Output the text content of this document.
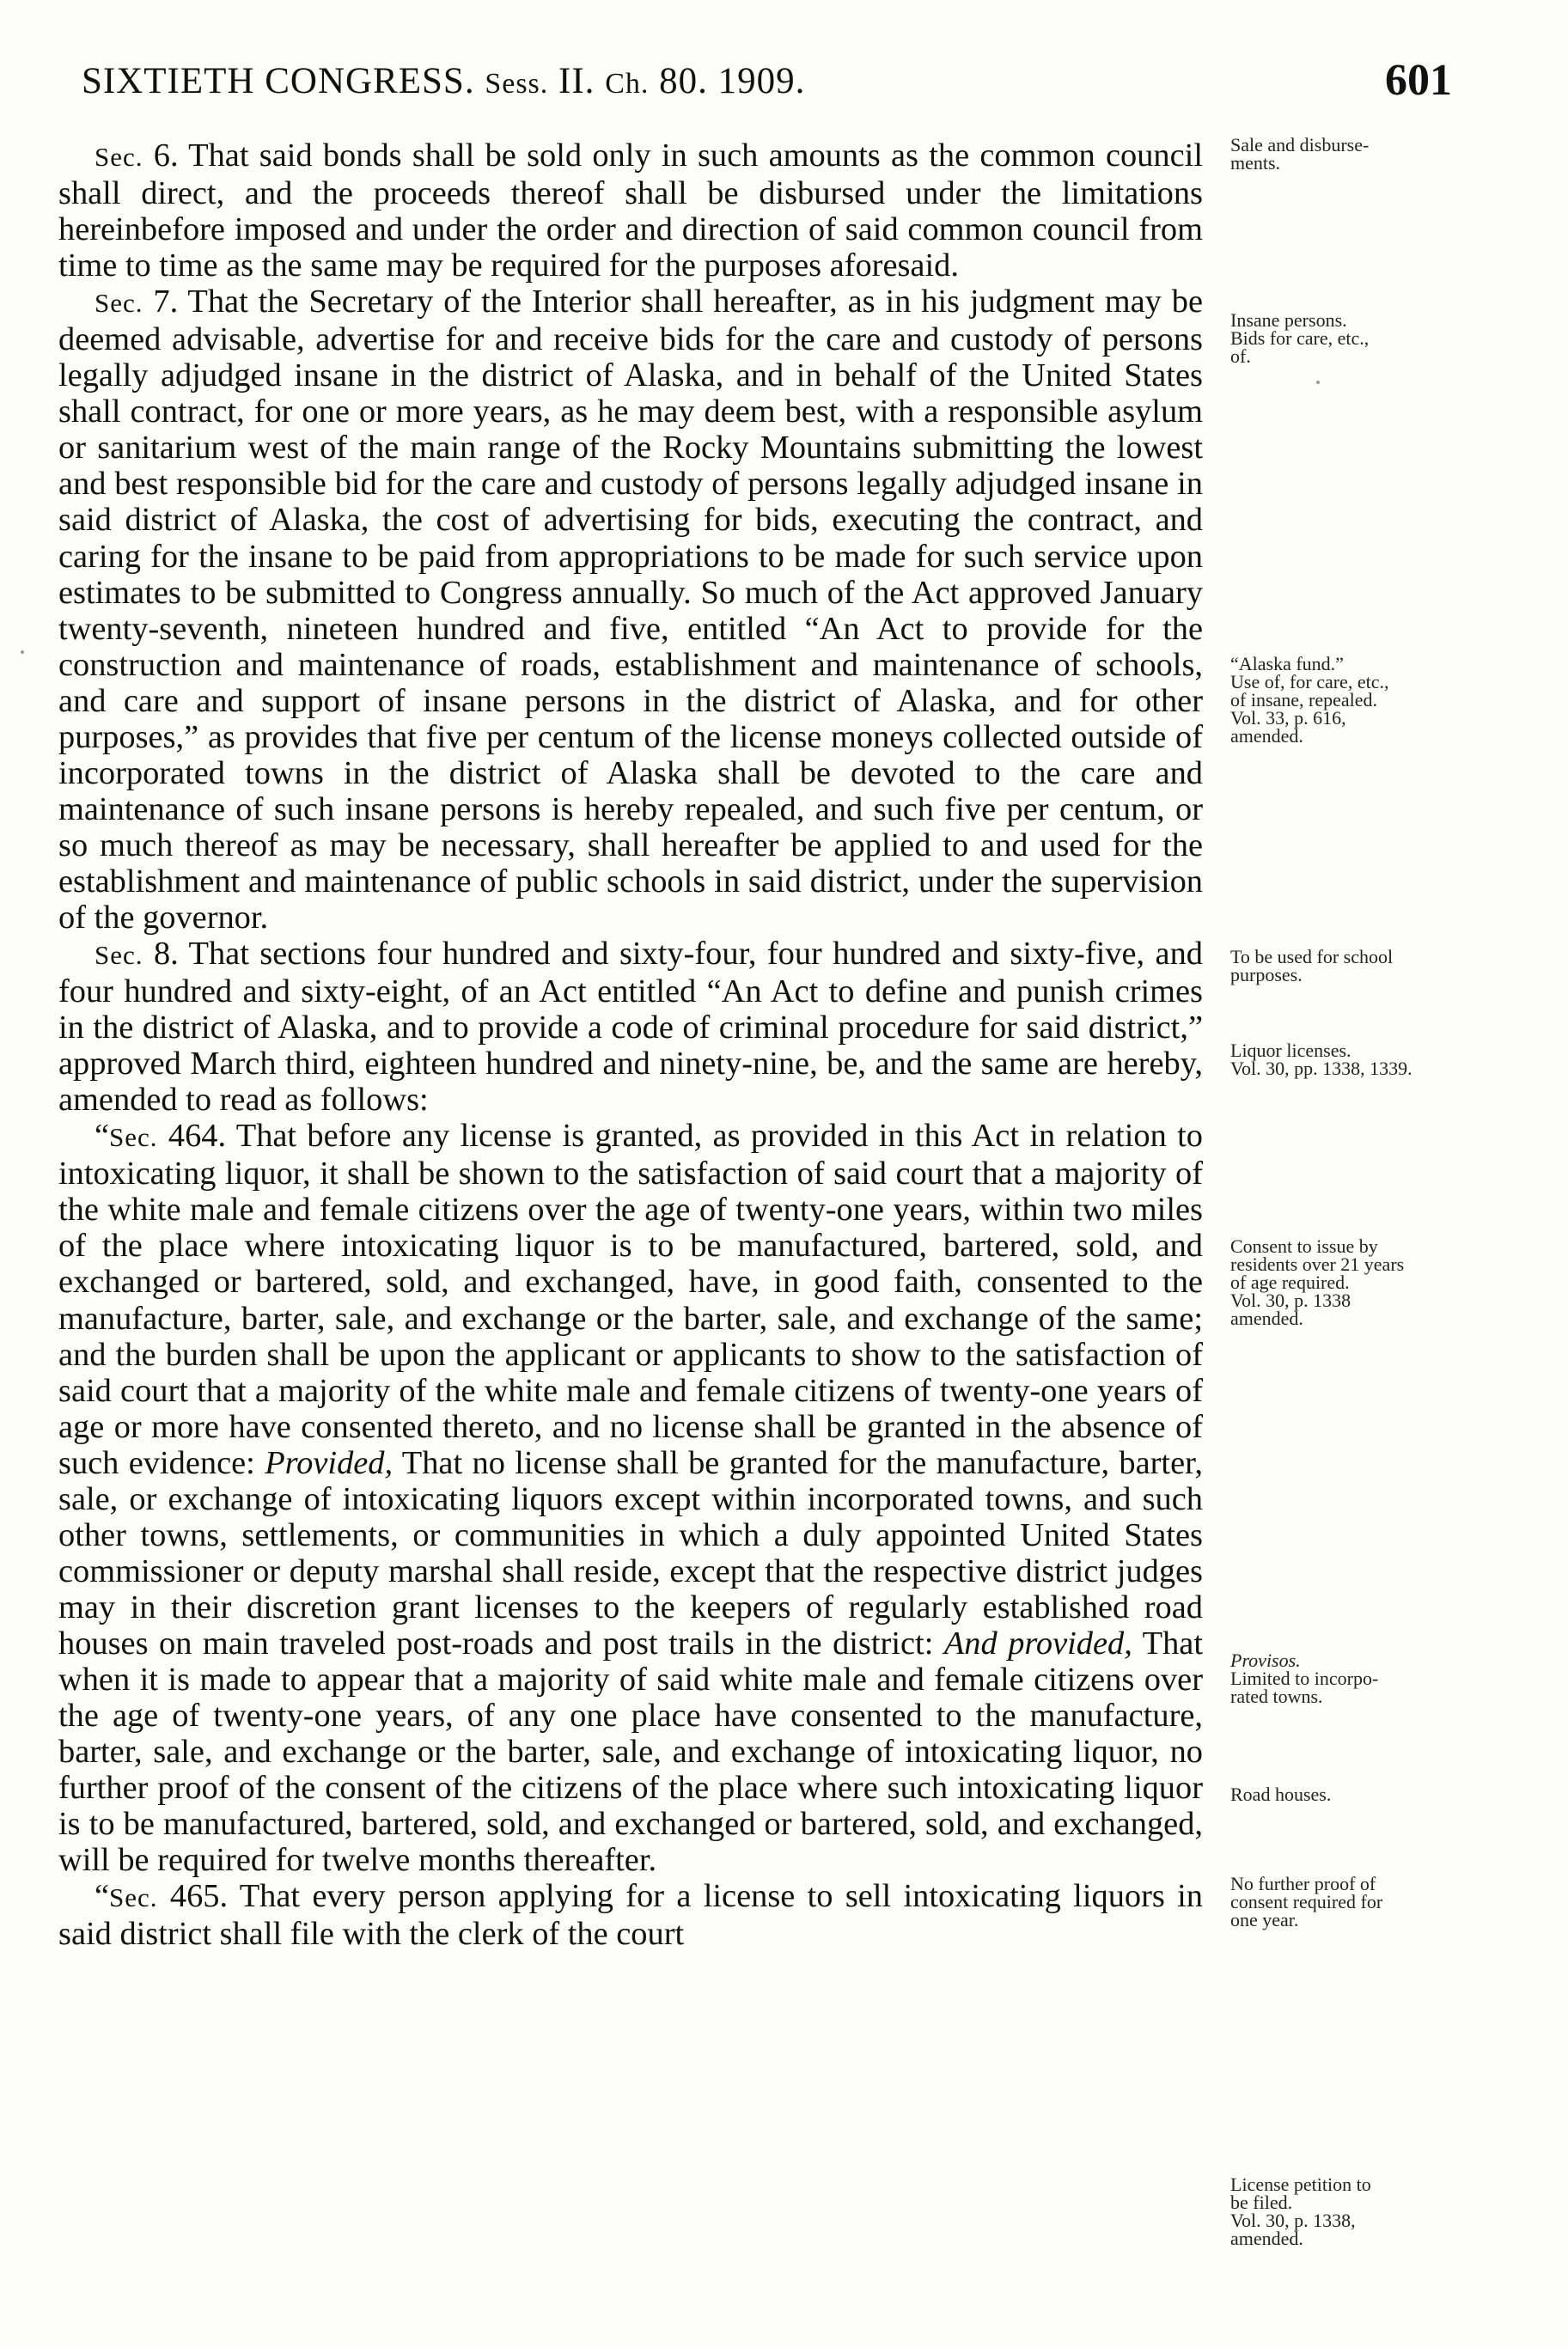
SIXTIETH CONGRESS. Sess. II. Ch. 80. 1909.	601

Sec. 6. That said bonds shall be sold only in such amounts as the common council shall direct, and the proceeds thereof shall be disbursed under the limitations hereinbefore imposed and under the order and direction of said common council from time to time as the same may be required for the purposes aforesaid.

Sec. 7. That the Secretary of the Interior shall hereafter, as in his judgment may be deemed advisable, advertise for and receive bids for the care and custody of persons legally adjudged insane in the district of Alaska, and in behalf of the United States shall contract, for one or more years, as he may deem best, with a responsible asylum or sanitarium west of the main range of the Rocky Mountains submitting the lowest and best responsible bid for the care and custody of persons legally adjudged insane in said district of Alaska, the cost of advertising for bids, executing the contract, and caring for the insane to be paid from appropriations to be made for such service upon estimates to be submitted to Congress annually. So much of the Act approved January twenty-seventh, nineteen hundred and five, entitled “An Act to provide for the construction and maintenance of roads, establishment and maintenance of schools, and care and support of insane persons in the district of Alaska, and for other purposes,” as provides that five per centum of the license moneys collected outside of incorporated towns in the district of Alaska shall be devoted to the care and maintenance of such insane persons is hereby repealed, and such five per centum, or so much thereof as may be necessary, shall hereafter be applied to and used for the establishment and maintenance of public schools in said district, under the supervision of the governor.

Sec. 8. That sections four hundred and sixty-four, four hundred and sixty-five, and four hundred and sixty-eight, of an Act entitled “An Act to define and punish crimes in the district of Alaska, and to provide a code of criminal procedure for said district,” approved March third, eighteen hundred and ninety-nine, be, and the same are hereby, amended to read as follows:

“Sec. 464. That before any license is granted, as provided in this Act in relation to intoxicating liquor, it shall be shown to the satisfaction of said court that a majority of the white male and female citizens over the age of twenty-one years, within two miles of the place where intoxicating liquor is to be manufactured, bartered, sold, and exchanged or bartered, sold, and exchanged, have, in good faith, consented to the manufacture, barter, sale, and exchange or the barter, sale, and exchange of the same; and the burden shall be upon the applicant or applicants to show to the satisfaction of said court that a majority of the white male and female citizens of twenty-one years of age or more have consented thereto, and no license shall be granted in the absence of such evidence: Provided, That no license shall be granted for the manufacture, barter, sale, or exchange of intoxicating liquors except within incorporated towns, and such other towns, settlements, or communities in which a duly appointed United States commissioner or deputy marshal shall reside, except that the respective district judges may in their discretion grant licenses to the keepers of regularly established road houses on main traveled post-roads and post trails in the district: And provided, That when it is made to appear that a majority of said white male and female citizens over the age of twenty-one years, of any one place have consented to the manufacture, barter, sale, and exchange or the barter, sale, and exchange of intoxicating liquor, no further proof of the consent of the citizens of the place where such intoxicating liquor is to be manufactured, bartered, sold, and exchanged or bartered, sold, and exchanged, will be required for twelve months thereafter.

“Sec. 465. That every person applying for a license to sell intoxicating liquors in said district shall file with the clerk of the court

Sale and disburse-
ments.
Insane persons.
Bids for care, etc.,
of.
“Alaska fund.”
Use of, for care, etc.,
of insane, repealed.
Vol. 33, p. 616,
amended.
To be used for school
purposes.
Liquor licenses.
Vol. 30, pp. 1338, 1339.
Consent to issue by
residents over 21 years
of age required.
Vol. 30, p. 1338
amended.
Provisos.
Limited to incorpo-
rated towns.
Road houses.
No further proof of
consent required for
one year.
License petition to
be filed.
Vol. 30, p. 1338,
amended.
